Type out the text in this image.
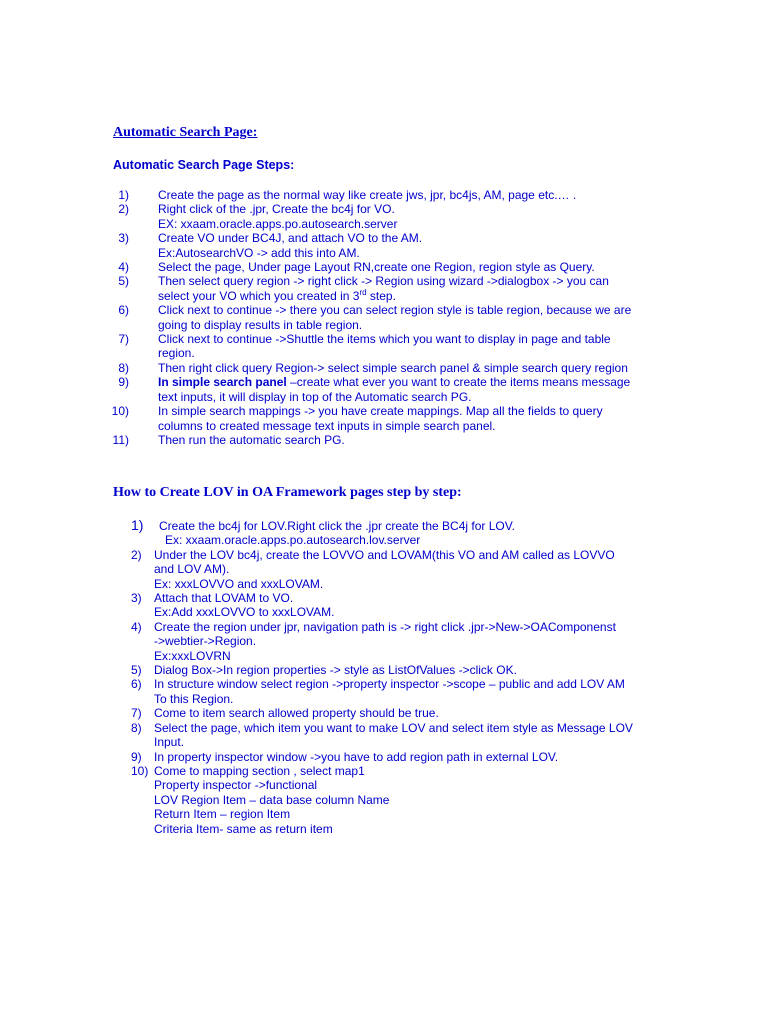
Automatic Search Page:
Automatic Search Page Steps:
1)	Create the page as the normal way like create jws, jpr, bc4js, AM, page etc.… .
2)	Right click of the .jpr, Create the bc4j for VO.
EX: xxaam.oracle.apps.po.autosearch.server
3)	Create VO under BC4J, and attach VO to the AM.
Ex:AutosearchVO -> add this into AM.
4)	Select the page, Under page Layout RN,create one Region, region style as Query.
5)	Then select query region -> right click -> Region using wizard ->dialogbox -> you can
select your VO which you created in 3rd step.
6)	Click next to continue -> there you can select region style is table region, because we are
going to display results in table region.
7)	Click next to continue ->Shuttle the items which you want to display in page and table
region.
8)	Then right click query Region-> select simple search panel & simple search query region
9)	In simple search panel –create what ever you want to create the items means message
text inputs, it will display in top of the Automatic search PG.
10)	In simple search mappings -> you have create mappings. Map all the fields to query
columns to created message text inputs in simple search panel.
11)	Then run the automatic search PG.
How to Create LOV in OA Framework pages step by step:
1)	Create the bc4j for LOV.Right click the .jpr create the BC4j for LOV.
Ex: xxaam.oracle.apps.po.autosearch.lov.server
2)	Under the LOV bc4j, create the LOVVO and LOVAM(this VO and AM called as LOVVO
and LOV AM).
Ex: xxxLOVVO and xxxLOVAM.
3)	Attach that LOVAM to VO.
Ex:Add xxxLOVVO to xxxLOVAM.
4)	Create the region under jpr, navigation path is -> right click .jpr->New->OAComponenst
->webtier->Region.
Ex:xxxLOVRN
5)	Dialog Box->In region properties -> style as ListOfValues ->click OK.
6)	In structure window select region ->property inspector ->scope – public and add LOV AM
To this Region.
7)	Come to item search allowed property should be true.
8)	Select the page, which item you want to make LOV and select item style as Message LOV
Input.
9)	In property inspector window ->you have to add region path in external LOV.
10) Come to mapping section , select map1
Property inspector ->functional
LOV Region Item – data base column Name
Return Item – region Item
Criteria Item- same as return item
